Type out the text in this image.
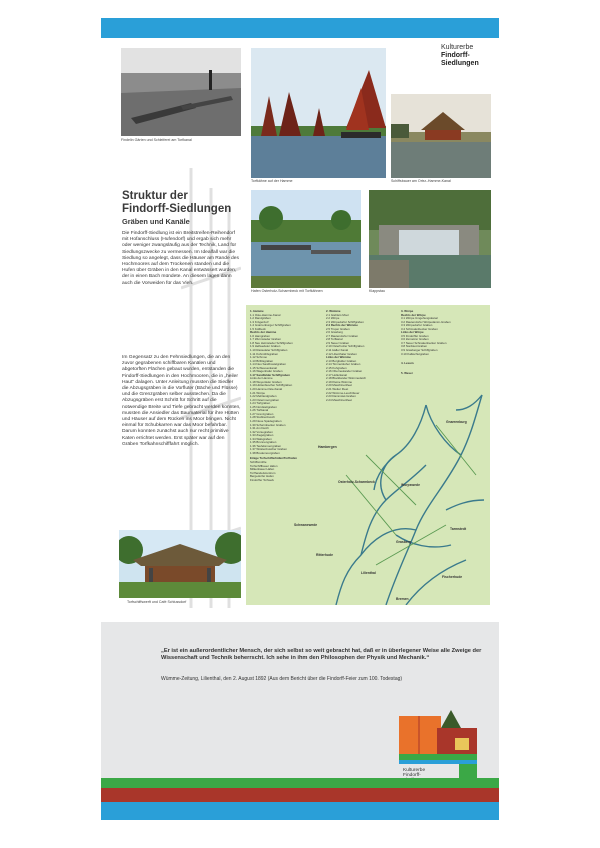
Kulturerbe
Findorff-
Siedlungen
Findelin Gärten und Schleiferei am Torfkanal
Torfkähne auf der Hamme	Schiffsbauer am Ortsr.-Hamme-Kanal
Hafen Osterholz-Scharmbeck mit Torfkähnen	Klappstau
Struktur der
Findorff-Siedlungen
Gräben und Kanäle
Die Findorff-Siedlung ist ein Breitstreifen-Reihendorf mit Hofanschluss (Hufendorf) und ergab sich mehr oder weniger zwangsläufig aus der Technik, Land für Siedlungszwecke zu vermessen. Im Idealfall war die Siedlung so angelegt, dass die Häuser am Rande des Hochmoores auf dem Trockenen standen und die Hufen über Gräben in den Kanal entwässert wurden, der in einen Bach mündete. An diesem lagen dann auch die Vorweiden für das Vieh.
Im Gegensatz zu den Fehnsiedlungen, die an den zuvor gegrabenen schiffbaren Kanälen und abgetorften Flächen gebaut wurden, entstanden die Findorff-Siedlungen in den Hochmooren, die in „heiler Haut“ dalagen. Unter Anleitung mussten die Siedler die Abzugsgräben in die Vorfluter (Bäche und Flüsse) und die Grenzgräben selber ausstechen. Da die Abzugsgräben erst Schritt für Schritt auf die notwendige Breite und Tiefe gebracht werden konnten, mussten die Ansiedler das Baumaterial für ihre Hütten und Häuser auf dem Rücken ins Moor bringen. Nicht einmal für Schubkarren war das Moor befahrbar. Darum konnten zunächst auch nur recht primitive Katen errichtet werden. Erst später war auf den Gräben Torfkahnschifffahrt möglich.
Torfschiffswerft und Café Schlussdorf
1. Hamme
1.1 Oste-Hamme-Kanal
1.2 Randgräben
1.3 Krögerdorf
1.4 Gnarrenburger Schiffgraben
1.5 Kollbeck
Rechts der Hamme
1.6 Hamgraben
1.7 Wurmsteder Graben
1.8 Neu Helmsteder Schiffgraben
1.9 Hellwedeler Graben
1.10 Rastedeler Schiffgraben
1.11 Kuhmühlsgraben
1.12 Schmoo
1.13 Brillitsgraben
1.14 Neu Sandbostelgraben
1.15 Schleusenkanal
1.16 Wagenhafer Graben
1.17 Sandfelder Schiffgraben
Links der Hamme
1.18 Weyerdeler Graben
1.19 Hüttenbuscher Schiffgraben
1.20 Hamme-Oste-Kanal
1.21 Wörpe
1.22 Mehlandgraben
1.23 Ostermoorgraben
1.24 Torfgraben
1.25 Nordsieltgraben
1.26 Torfkanal
1.27 Grenzgraben
1.28 Stubbenbusch
1.29 Neue Spadegraben
1.30 Scharmbecker Graben
1.31 Am Deich
1.32 Vorsegraben
1.33 Ziegelgraben
1.34 Walsgraben
1.35 Brunnengraben
1.36 Teufelsmoorgraben
1.37 Wüstenbuscher Graben
1.38 Bredemoorgraben
Einige Torfschifferhäfen/Torfhafen
Schiffsmühle
Torfschiffbauer Hafen
Milkenbauer Hafen
Torfhandelszentrum
Bergedorfer Hafen
Findorffer Torfwerk
2. Wümme
2.1 Giehlers Moor
2.2 Wörpe
2.3 Wörpedorfer Schiffgraben
2.4 Rechts der Wümme
2.5 Truper Graben
2.6 Grasberg
2.7 Rautendorfer Graben
2.8 Torfkanal
2.9 Neuer Graben
2.10 Osterholzer Schiffgraben
2.11 Haller Kanal
2.12 Lilienthaler Graben
Links der Wümme
2.13 Borgfelder Graben
2.14 Timmersloher Graben
2.15 Kuhgraben
2.16 Oberneulander Graben
2.17 Hollerkanal
2.18 Blocklander Wümmedeich
2.19 Kleine Wümme
2.20 Maschinenfleet
2.21 Wetter Fleet
2.22 Wümme-Leuchtfeuer
2.23 Dammsiel-Graben
2.24 Maschinenfleet
3. Wörpe
Rechts der Wörpe
3.1 Wörpe Umgehungskanal
3.2 Rautendorfer Wörpedamm-Graben
3.3 Wörpedorfer Graben
3.4 Schmalenbecker Graben
Links der Wörpe
3.5 Findorffer Graben
3.6 Zernetzer Graben
3.7 Neuer Schnakenbecker Graben
3.8 Nordsiel-Graben
3.9 Grasberger Schiffgraben
3.10 Kalkschutgraben
4. Lesum
5. Weser
Gnarrenburg
Osterholz-Scharmbeck
Hambergen
Worpswede
Grasberg
Lilienthal
Ritterhude
Schwanewede
Tarmstedt
Fischerhude
Bremen
„Er ist ein außerordentlicher Mensch, der sich selbst so weit gebracht hat, daß er in überlegener Weise alle Zweige der Wissenschaft und Technik beherrscht. Ich sehe in ihm den Philosophen der Physik und Mechanik.“
Wümme-Zeitung, Lilienthal, den 2. August 1892 (Aus dem Bericht über die Findorff-Feier zum 100. Todestag)
Kulturerbe
Findorff-
